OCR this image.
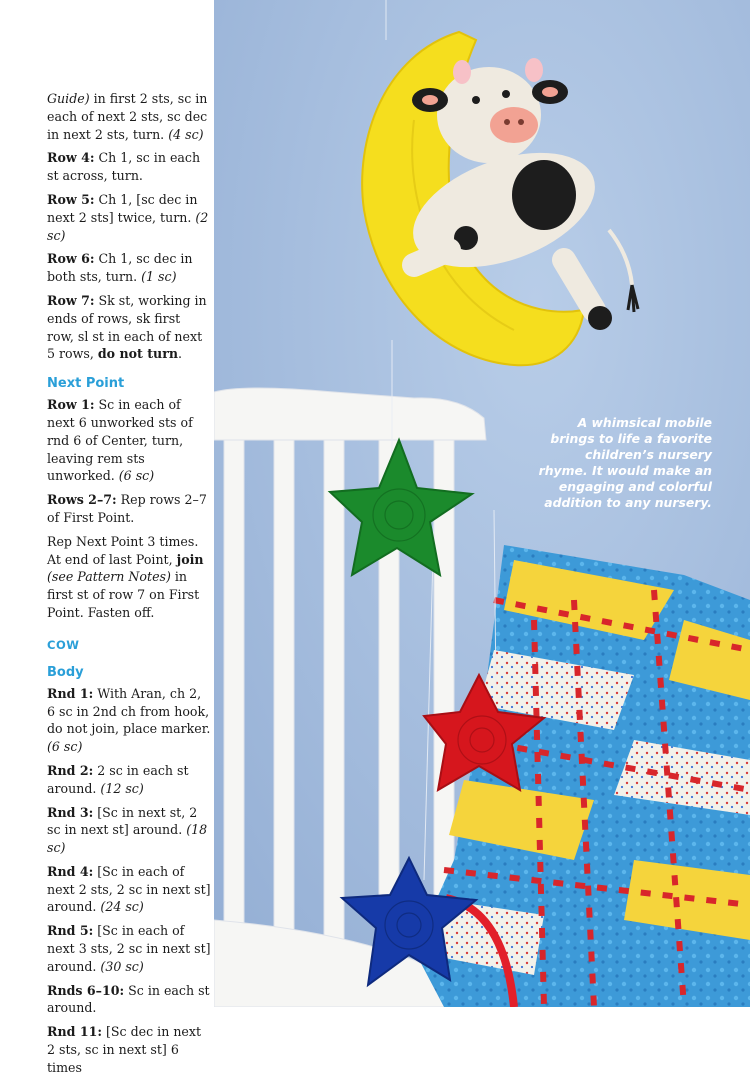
Guide) in first 2 sts, sc in each of next 2 sts, sc dec in next 2 sts, turn. (4 sc)

Row 4: Ch 1, sc in each st across, turn.

Row 5: Ch 1, [sc dec in next 2 sts] twice, turn. (2 sc)

Row 6: Ch 1, sc dec in both sts, turn. (1 sc)

Row 7: Sk st, working in ends of rows, sk first row, sl st in each of next 5 rows, do not turn.

Next Point

Row 1: Sc in each of next 6 unworked sts of rnd 6 of Center, turn, leaving rem sts unworked. (6 sc)

Rows 2–7: Rep rows 2–7 of First Point.

Rep Next Point 3 times. At end of last Point, join (see Pattern Notes) in first st of row 7 on First Point. Fasten off.

COW
Body

Rnd 1: With Aran, ch 2, 6 sc in 2nd ch from hook, do not join, place marker. (6 sc)

Rnd 2: 2 sc in each st around. (12 sc)

Rnd 3: [Sc in next st, 2 sc in next st] around. (18 sc)

Rnd 4: [Sc in each of next 2 sts, 2 sc in next st] around. (24 sc)

Rnd 5: [Sc in each of next 3 sts, 2 sc in next st] around. (30 sc)

Rnds 6–10: Sc in each st around.

Rnd 11: [Sc dec in next 2 sts, sc in next st] 6 times

A whimsical mobile
brings to life a favorite
children’s nursery
rhyme. It would make an
engaging and colorful
addition to any nursery.
